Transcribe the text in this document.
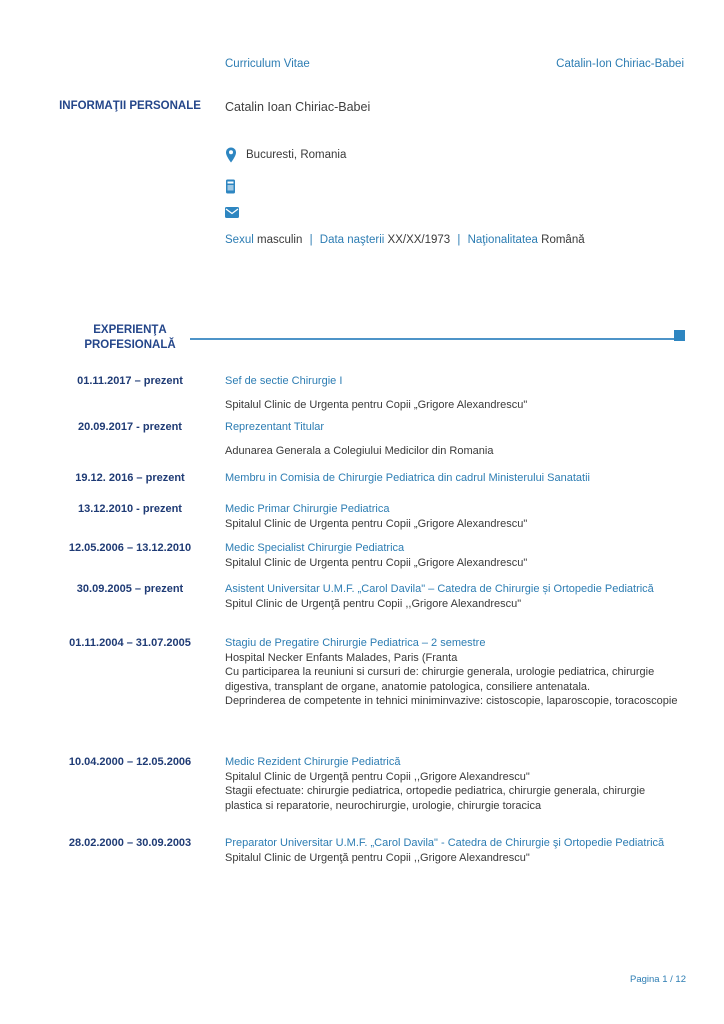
Curriculum Vitae	Catalin-Ion Chiriac-Babei
INFORMAŢII PERSONALE	Catalin Ioan Chiriac-Babei
Bucuresti, Romania
Sexul masculin | Data naşterii XX/XX/1973 | Naţionalitatea Română
EXPERIENŢA
PROFESIONALĂ
01.11.2017 – prezent	Sef de sectie Chirurgie I
Spitalul Clinic de Urgenta pentru Copii „Grigore Alexandrescu"
20.09.2017 - prezent	Reprezentant Titular
Adunarea Generala a Colegiului Medicilor din Romania
19.12. 2016 – prezent	Membru in Comisia de Chirurgie Pediatrica din cadrul Ministerului Sanatatii
13.12.2010 - prezent	Medic Primar Chirurgie Pediatrica
Spitalul Clinic de Urgenta pentru Copii „Grigore Alexandrescu"
12.05.2006 – 13.12.2010	Medic Specialist Chirurgie Pediatrica
Spitalul Clinic de Urgenta pentru Copii „Grigore Alexandrescu"
30.09.2005 – prezent	Asistent Universitar U.M.F. „Carol Davila" – Catedra de Chirurgie și Ortopedie Pediatrică
Spitul Clinic de Urgenţă pentru Copii ,,Grigore Alexandrescu"
01.11.2004 – 31.07.2005	Stagiu de Pregatire Chirurgie Pediatrica – 2 semestre
Hospital Necker Enfants Malades, Paris (Franta
Cu participarea la reuniuni si cursuri de: chirurgie generala, urologie pediatrica, chirurgie digestiva, transplant de organe, anatomie patologica, consiliere antenatala.
Deprinderea de competente in tehnici miniminvazive: cistoscopie, laparoscopie, toracoscopie
10.04.2000 – 12.05.2006	Medic Rezident Chirurgie Pediatrică
Spitalul Clinic de Urgenţă pentru Copii ,,Grigore Alexandrescu"
Stagii efectuate: chirurgie pediatrica, ortopedie pediatrica, chirurgie generala, chirurgie plastica si reparatorie, neurochirurgie, urologie, chirurgie toracica
28.02.2000 – 30.09.2003	Preparator Universitar U.M.F. „Carol Davila" - Catedra de Chirurgie şi Ortopedie Pediatrică
Spitalul Clinic de Urgenţă pentru Copii ,,Grigore Alexandrescu"
Pagina 1 / 12
